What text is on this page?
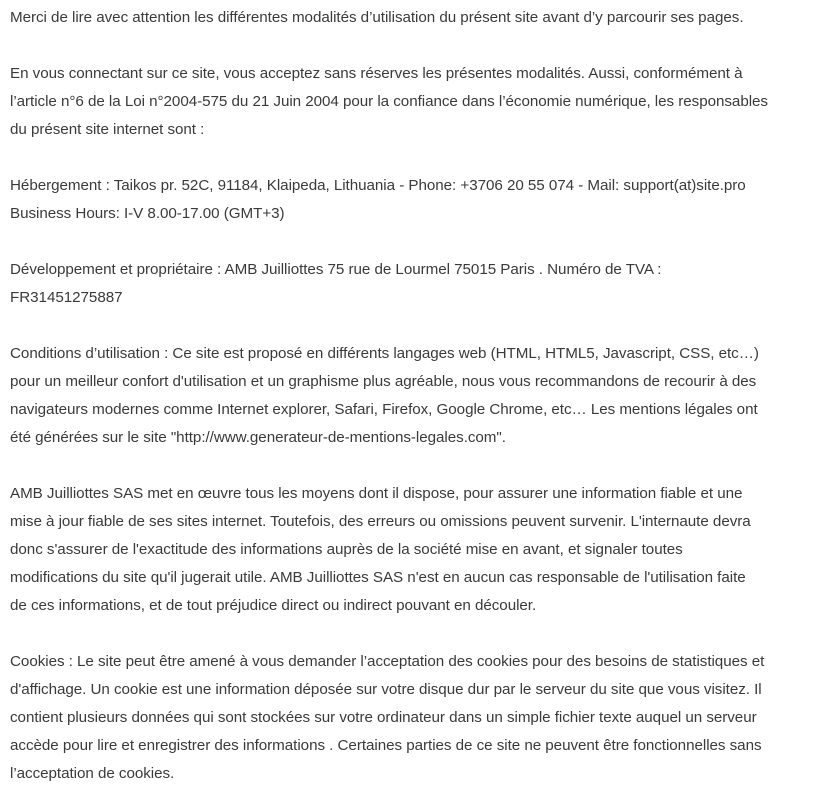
Merci de lire avec attention les différentes modalités d’utilisation du présent site avant d’y parcourir ses pages.

En vous connectant sur ce site, vous acceptez sans réserves les présentes modalités. Aussi, conformément à
l’article n°6 de la Loi n°2004-575 du 21 Juin 2004 pour la confiance dans l’économie numérique, les responsables
du présent site internet sont :

Hébergement : Taikos pr. 52C, 91184, Klaipeda, Lithuania - Phone: +3706 20 55 074 - Mail: support(at)site.pro
Business Hours: I-V 8.00-17.00 (GMT+3)

Développement et propriétaire : AMB Juilliottes 75 rue de Lourmel 75015 Paris . Numéro de TVA :
FR31451275887

Conditions d’utilisation : Ce site est proposé en différents langages web (HTML, HTML5, Javascript, CSS, etc…)
pour un meilleur confort d'utilisation et un graphisme plus agréable, nous vous recommandons de recourir à des
navigateurs modernes comme Internet explorer, Safari, Firefox, Google Chrome, etc… Les mentions légales ont
été générées sur le site "http://www.generateur-de-mentions-legales.com".

AMB Juilliottes SAS met en œuvre tous les moyens dont il dispose, pour assurer une information fiable et une
mise à jour fiable de ses sites internet. Toutefois, des erreurs ou omissions peuvent survenir. L'internaute devra
donc s'assurer de l'exactitude des informations auprès de la société mise en avant, et signaler toutes
modifications du site qu'il jugerait utile. AMB Juilliottes SAS n'est en aucun cas responsable de l'utilisation faite
de ces informations, et de tout préjudice direct ou indirect pouvant en découler.

Cookies : Le site peut être amené à vous demander l’acceptation des cookies pour des besoins de statistiques et
d'affichage. Un cookie est une information déposée sur votre disque dur par le serveur du site que vous visitez. Il
contient plusieurs données qui sont stockées sur votre ordinateur dans un simple fichier texte auquel un serveur
accède pour lire et enregistrer des informations . Certaines parties de ce site ne peuvent être fonctionnelles sans
l’acceptation de cookies.
